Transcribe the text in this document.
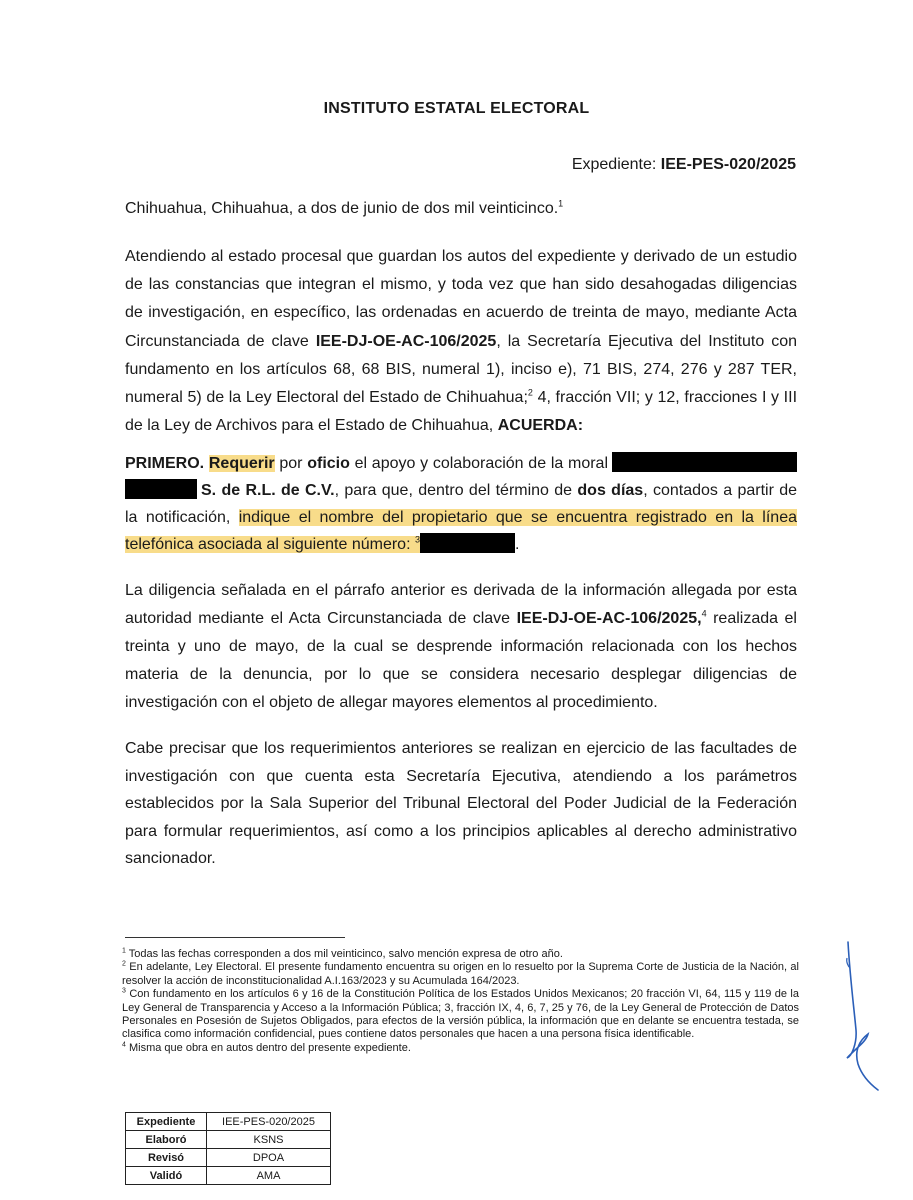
INSTITUTO ESTATAL ELECTORAL
Expediente: IEE-PES-020/2025
Chihuahua, Chihuahua, a dos de junio de dos mil veinticinco.$^1$

Atendiendo al estado procesal que guardan los autos del expediente y derivado de un estudio de las constancias que integran el mismo, y toda vez que han sido desahogadas diligencias de investigación, en específico, las ordenadas en acuerdo de treinta de mayo, mediante Acta Circunstanciada de clave IEE-DJ-OE-AC-106/2025, la Secretaría Ejecutiva del Instituto con fundamento en los artículos 68, 68 BIS, numeral 1), inciso e), 71 BIS, 274, 276 y 287 TER, numeral 5) de la Ley Electoral del Estado de Chihuahua;$^2$ 4, fracción VII; y 12, fracciones I y III de la Ley de Archivos para el Estado de Chihuahua, ACUERDA:

PRIMERO. Requerir por oficio el apoyo y colaboración de la moral S. de R.L. de C.V., para que, dentro del término de dos días, contados a partir de la notificación, indique el nombre del propietario que se encuentra registrado en la línea telefónica asociada al siguiente número: $^3$	.

La diligencia señalada en el párrafo anterior es derivada de la información allegada por esta autoridad mediante el Acta Circunstanciada de clave IEE-DJ-OE-AC-106/2025,$^4$ realizada el treinta y uno de mayo, de la cual se desprende información relacionada con los hechos materia de la denuncia, por lo que se considera necesario desplegar diligencias de investigación con el objeto de allegar mayores elementos al procedimiento.

Cabe precisar que los requerimientos anteriores se realizan en ejercicio de las facultades de investigación con que cuenta esta Secretaría Ejecutiva, atendiendo a los parámetros establecidos por la Sala Superior del Tribunal Electoral del Poder Judicial de la Federación para formular requerimientos, así como a los principios aplicables al derecho administrativo sancionador.

$^1$ Todas las fechas corresponden a dos mil veinticinco, salvo mención expresa de otro año.

$^2$ En adelante, Ley Electoral. El presente fundamento encuentra su origen en lo resuelto por la Suprema Corte de Justicia de la Nación, al resolver la acción de inconstitucionalidad A.I.163/2023 y su Acumulada 164/2023.

$^3$ Con fundamento en los artículos 6 y 16 de la Constitución Política de los Estados Unidos Mexicanos; 20 fracción VI, 64, 115 y 119 de la Ley General de Transparencia y Acceso a la Información Pública; 3, fracción IX, 4, 6, 7, 25 y 76, de la Ley General de Protección de Datos Personales en Posesión de Sujetos Obligados, para efectos de la versión pública, la información que en delante se encuentra testada, se clasifica como información confidencial, pues contiene datos personales que hacen a una persona física identificable.

$^4$ Misma que obra en autos dentro del presente expediente.

Expediente	IEE-PES-020/2025
Elaboró	KSNS
Revisó	DPOA
Validó	AMA
